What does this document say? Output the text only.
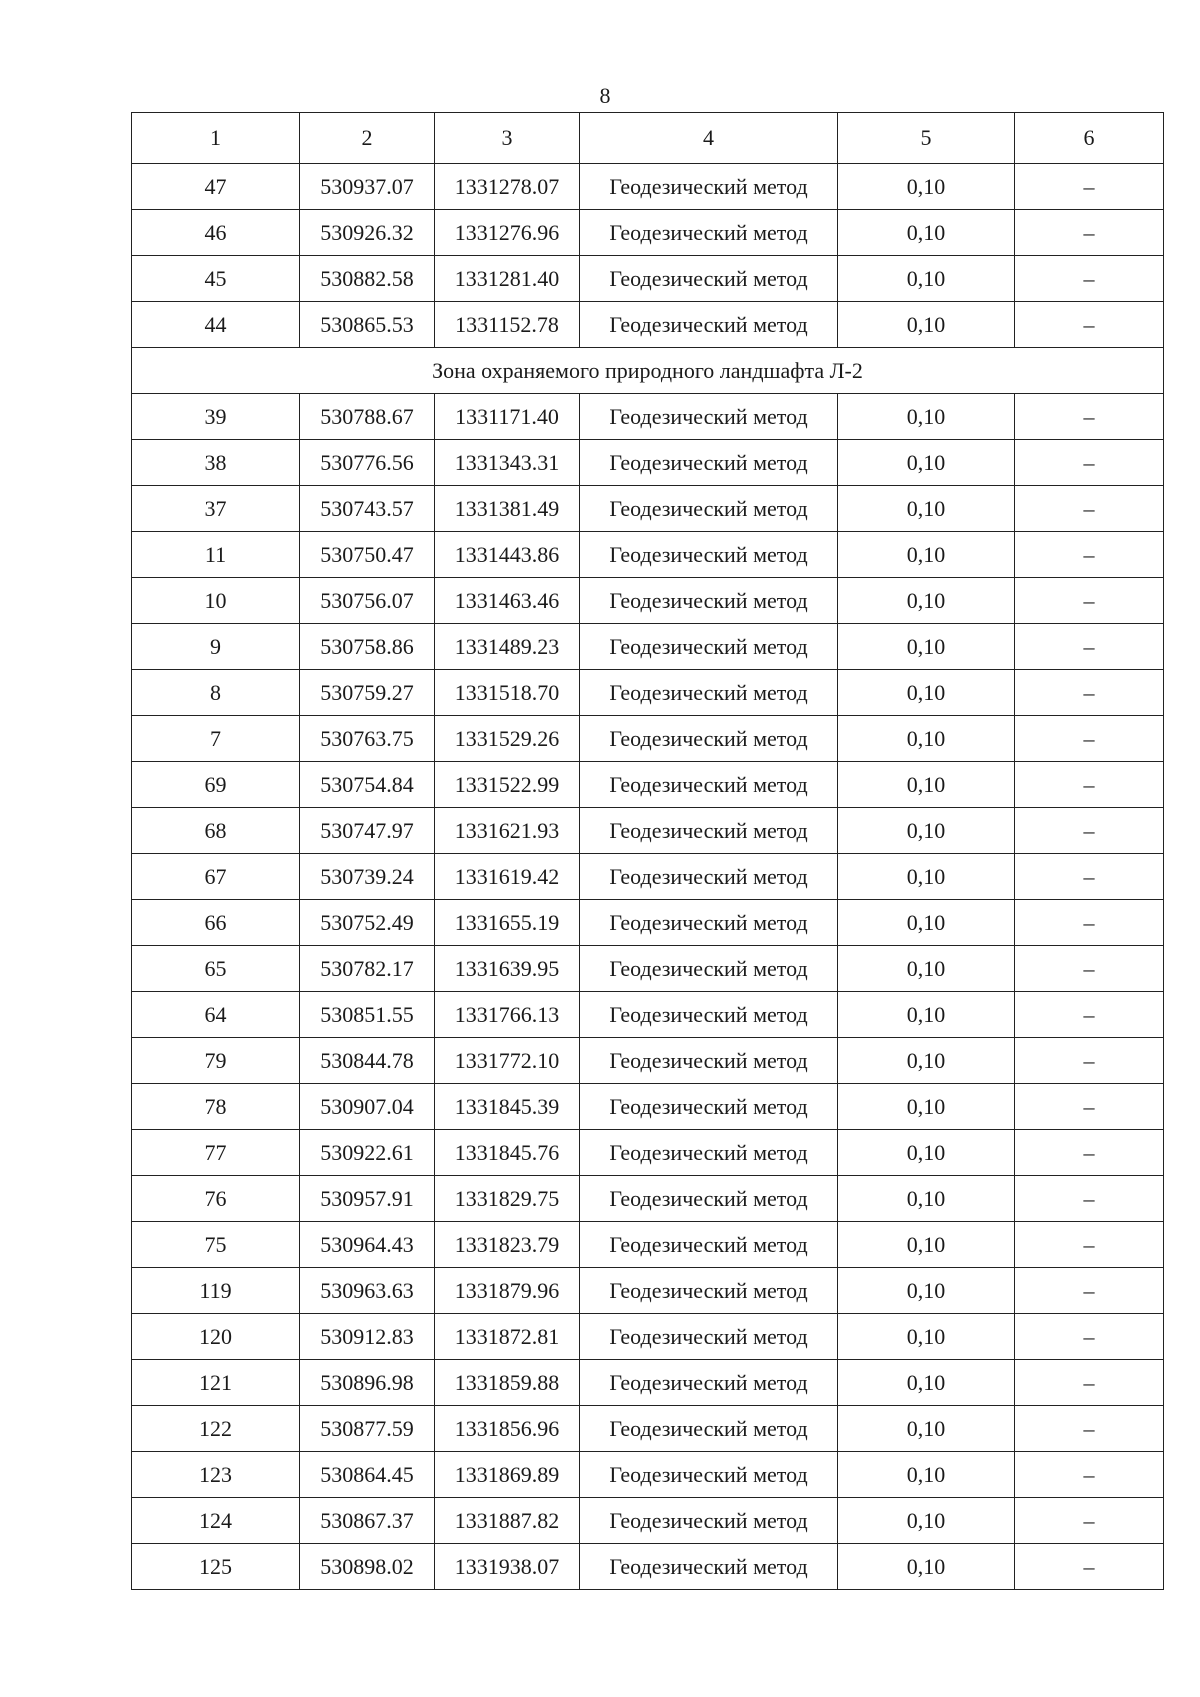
8
1	2	3	4	5	6
47	530937.07	1331278.07	Геодезический метод	0,10	–
46	530926.32	1331276.96	Геодезический метод	0,10	–
45	530882.58	1331281.40	Геодезический метод	0,10	–
44	530865.53	1331152.78	Геодезический метод	0,10	–
Зона охраняемого природного ландшафта Л-2					
39	530788.67	1331171.40	Геодезический метод	0,10	–
38	530776.56	1331343.31	Геодезический метод	0,10	–
37	530743.57	1331381.49	Геодезический метод	0,10	–
11	530750.47	1331443.86	Геодезический метод	0,10	–
10	530756.07	1331463.46	Геодезический метод	0,10	–
9	530758.86	1331489.23	Геодезический метод	0,10	–
8	530759.27	1331518.70	Геодезический метод	0,10	–
7	530763.75	1331529.26	Геодезический метод	0,10	–
69	530754.84	1331522.99	Геодезический метод	0,10	–
68	530747.97	1331621.93	Геодезический метод	0,10	–
67	530739.24	1331619.42	Геодезический метод	0,10	–
66	530752.49	1331655.19	Геодезический метод	0,10	–
65	530782.17	1331639.95	Геодезический метод	0,10	–
64	530851.55	1331766.13	Геодезический метод	0,10	–
79	530844.78	1331772.10	Геодезический метод	0,10	–
78	530907.04	1331845.39	Геодезический метод	0,10	–
77	530922.61	1331845.76	Геодезический метод	0,10	–
76	530957.91	1331829.75	Геодезический метод	0,10	–
75	530964.43	1331823.79	Геодезический метод	0,10	–
119	530963.63	1331879.96	Геодезический метод	0,10	–
120	530912.83	1331872.81	Геодезический метод	0,10	–
121	530896.98	1331859.88	Геодезический метод	0,10	–
122	530877.59	1331856.96	Геодезический метод	0,10	–
123	530864.45	1331869.89	Геодезический метод	0,10	–
124	530867.37	1331887.82	Геодезический метод	0,10	–
125	530898.02	1331938.07	Геодезический метод	0,10	–
